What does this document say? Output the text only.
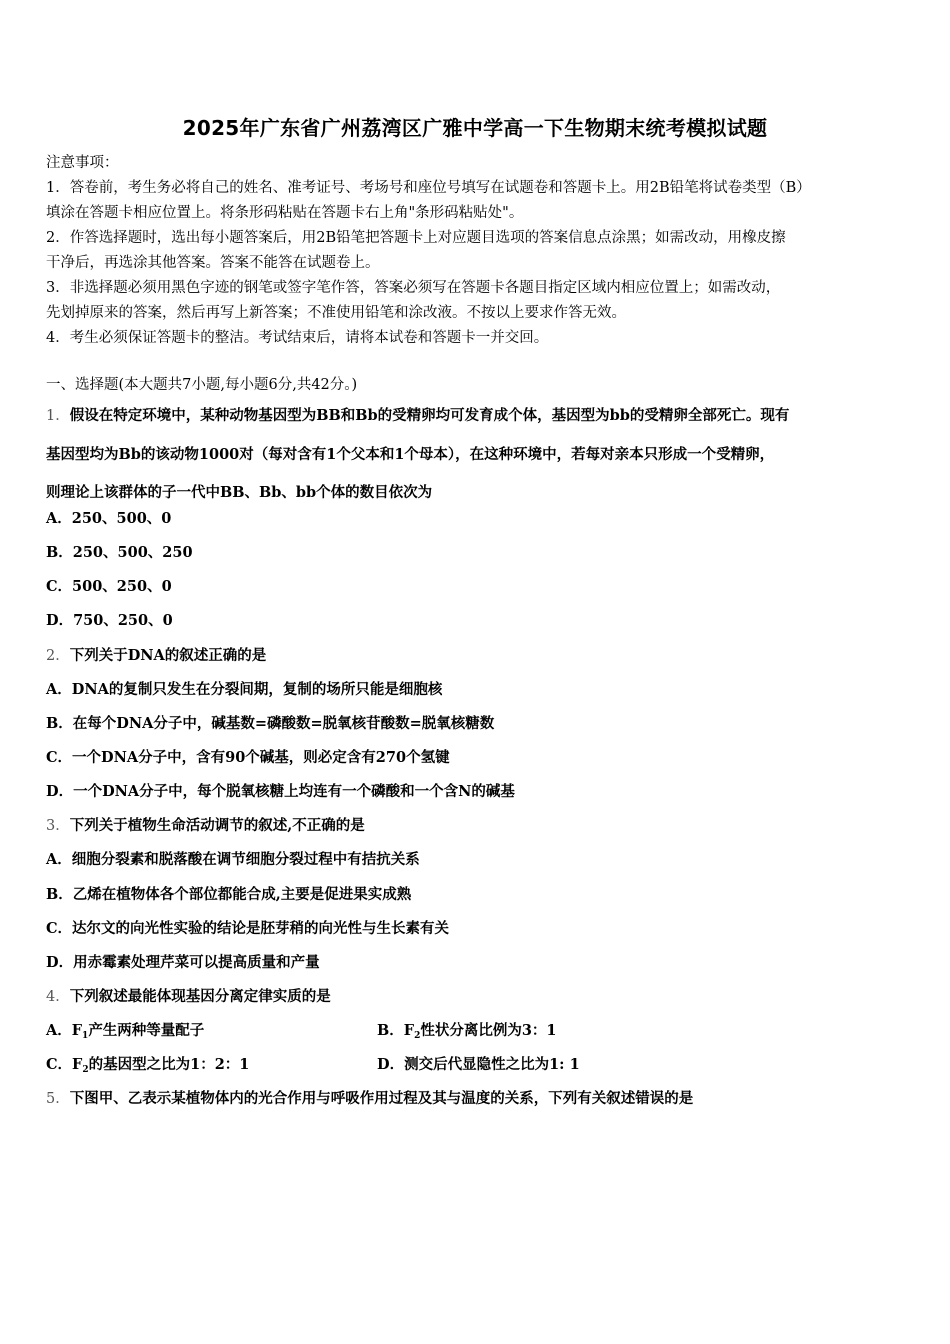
2025年广东省广州荔湾区广雅中学高一下生物期末统考模拟试题

注意事项：

1．答卷前，考生务必将自己的姓名、准考证号、考场号和座位号填写在试题卷和答题卡上。用2B铅笔将试卷类型（B）

填涂在答题卡相应位置上。将条形码粘贴在答题卡右上角"条形码粘贴处"。

2．作答选择题时，选出每小题答案后，用2B铅笔把答题卡上对应题目选项的答案信息点涂黑；如需改动，用橡皮擦

干净后，再选涂其他答案。答案不能答在试题卷上。

3．非选择题必须用黑色字迹的钢笔或签字笔作答，答案必须写在答题卡各题目指定区域内相应位置上；如需改动，

先划掉原来的答案，然后再写上新答案；不准使用铅笔和涂改液。不按以上要求作答无效。

4．考生必须保证答题卡的整洁。考试结束后，请将本试卷和答题卡一并交回。

一、选择题(本大题共7小题,每小题6分,共42分。)
1．假设在特定环境中，某种动物基因型为BB和Bb的受精卵均可发育成个体，基因型为bb的受精卵全部死亡。现有
基因型均为Bb的该动物1000对（每对含有1个父本和1个母本），在这种环境中，若每对亲本只形成一个受精卵，
则理论上该群体的子一代中BB、Bb、bb个体的数目依次为
A．250、500、0
B．250、500、250
C．500、250、0
D．750、250、0
2．下列关于DNA的叙述正确的是
A．DNA的复制只发生在分裂间期，复制的场所只能是细胞核
B．在每个DNA分子中，碱基数=磷酸数=脱氧核苷酸数=脱氧核糖数
C．一个DNA分子中，含有90个碱基，则必定含有270个氢键
D．一个DNA分子中，每个脱氧核糖上均连有一个磷酸和一个含N的碱基
3．下列关于植物生命活动调节的叙述,不正确的是
A．细胞分裂素和脱落酸在调节细胞分裂过程中有拮抗关系
B．乙烯在植物体各个部位都能合成,主要是促进果实成熟
C．达尔文的向光性实验的结论是胚芽稍的向光性与生长素有关
D．用赤霉素处理芹菜可以提高质量和产量
4．下列叙述最能体现基因分离定律实质的是
A．$F_1$产生两种等量配子	B．$F_2$性状分离比例为3：1
C．$F_2$的基因型之比为1：2：1	D．测交后代显隐性之比为1: 1
5．下图甲、乙表示某植物体内的光合作用与呼吸作用过程及其与温度的关系，下列有关叙述错误的是
